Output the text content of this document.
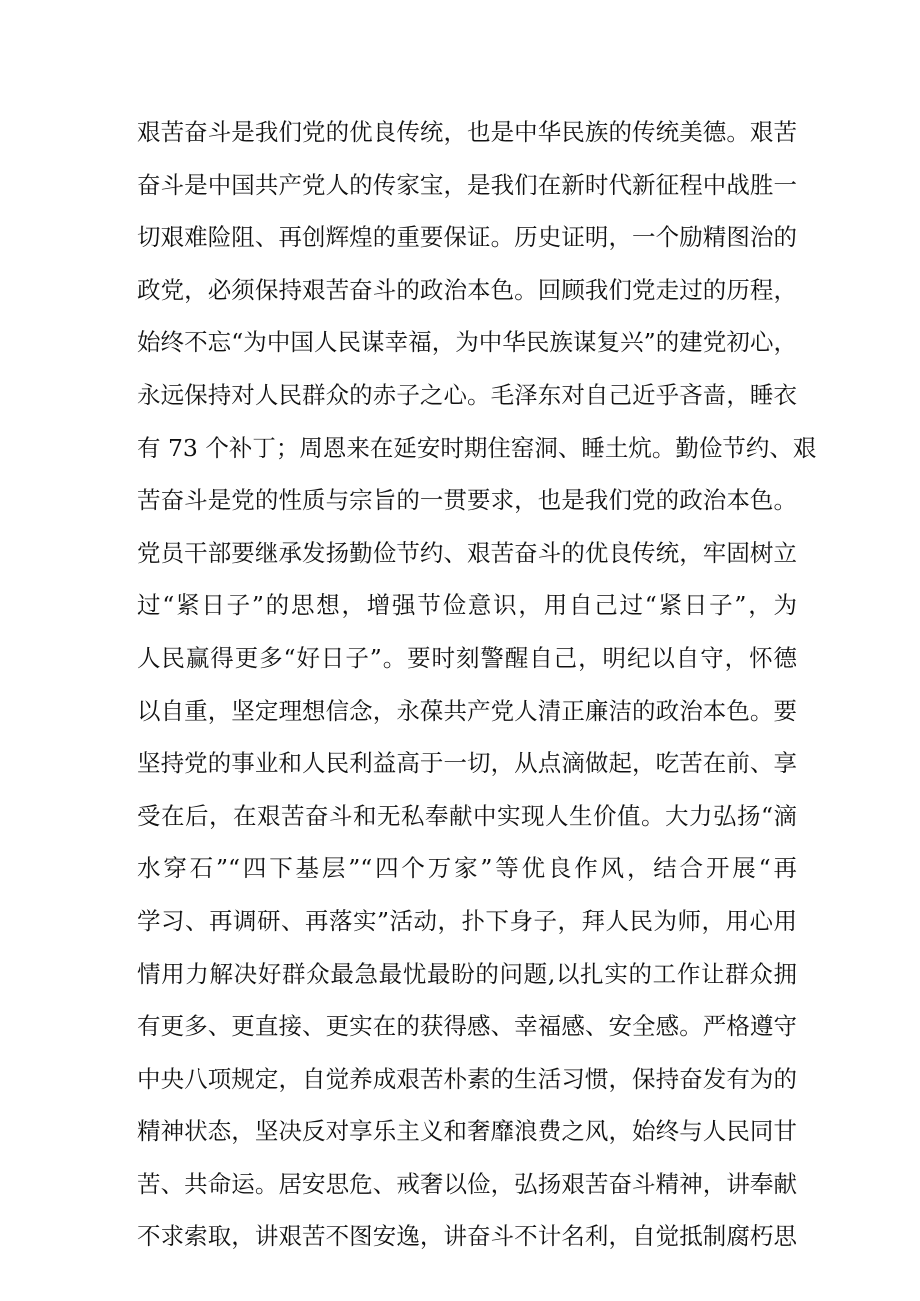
艰苦奋斗是我们党的优良传统，也是中华民族的传统美德。艰苦
奋斗是中国共产党人的传家宝，是我们在新时代新征程中战胜一
切艰难险阻、再创辉煌的重要保证。历史证明，一个励精图治的
政党，必须保持艰苦奋斗的政治本色。回顾我们党走过的历程，
始终不忘“为中国人民谋幸福，为中华民族谋复兴”的建党初心，
永远保持对人民群众的赤子之心。毛泽东对自己近乎吝啬，睡衣
有 73 个补丁；周恩来在延安时期住窑洞、睡土炕。勤俭节约、艰
苦奋斗是党的性质与宗旨的一贯要求，也是我们党的政治本色。
党员干部要继承发扬勤俭节约、艰苦奋斗的优良传统，牢固树立
过“紧日子”的思想，增强节俭意识，用自己过“紧日子”，为
人民赢得更多“好日子”。要时刻警醒自己，明纪以自守，怀德
以自重，坚定理想信念，永葆共产党人清正廉洁的政治本色。要
坚持党的事业和人民利益高于一切，从点滴做起，吃苦在前、享
受在后，在艰苦奋斗和无私奉献中实现人生价值。大力弘扬“滴
水穿石”“四下基层”“四个万家”等优良作风，结合开展“再
学习、再调研、再落实”活动，扑下身子，拜人民为师，用心用
情用力解决好群众最急最忧最盼的问题,以扎实的工作让群众拥
有更多、更直接、更实在的获得感、幸福感、安全感。严格遵守
中央八项规定，自觉养成艰苦朴素的生活习惯，保持奋发有为的
精神状态，坚决反对享乐主义和奢靡浪费之风，始终与人民同甘
苦、共命运。居安思危、戒奢以俭，弘扬艰苦奋斗精神，讲奉献
不求索取，讲艰苦不图安逸，讲奋斗不计名利，自觉抵制腐朽思
